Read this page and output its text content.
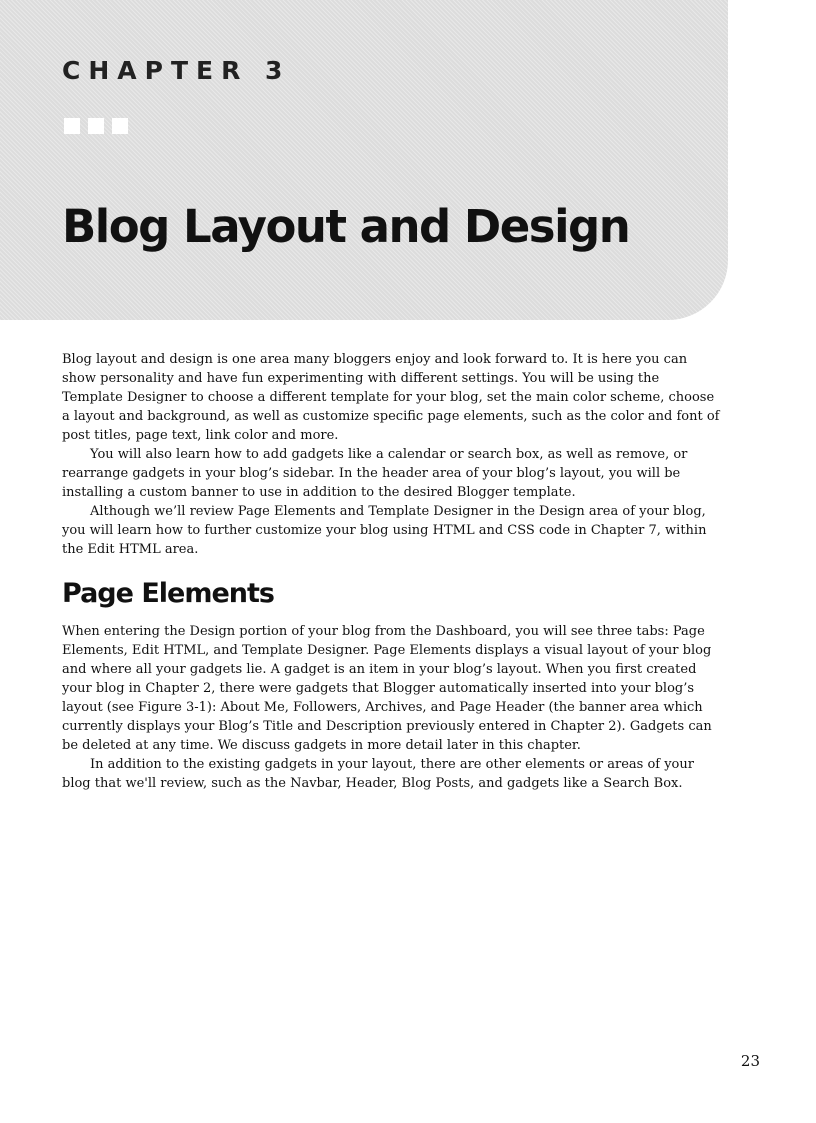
CHAPTER 3
Blog Layout and Design

Blog layout and design is one area many bloggers enjoy and look forward to. It is here you can show personality and have fun experimenting with different settings. You will be using the Template Designer to choose a different template for your blog, set the main color scheme, choose a layout and background, as well as customize specific page elements, such as the color and font of post titles, page text, link color and more.

You will also learn how to add gadgets like a calendar or search box, as well as remove, or rearrange gadgets in your blog’s sidebar. In the header area of your blog’s layout, you will be installing a custom banner to use in addition to the desired Blogger template.

Although we’ll review Page Elements and Template Designer in the Design area of your blog, you will learn how to further customize your blog using HTML and CSS code in Chapter 7, within the Edit HTML area.

Page Elements

When entering the Design portion of your blog from the Dashboard, you will see three tabs: Page Elements, Edit HTML, and Template Designer. Page Elements displays a visual layout of your blog and where all your gadgets lie. A gadget is an item in your blog’s layout. When you first created your blog in Chapter 2, there were gadgets that Blogger automatically inserted into your blog’s layout (see Figure 3-1): About Me, Followers, Archives, and Page Header (the banner area which currently displays your Blog’s Title and Description previously entered in Chapter 2). Gadgets can be deleted at any time. We discuss gadgets in more detail later in this chapter.

In addition to the existing gadgets in your layout, there are other elements or areas of your blog that we'll review, such as the Navbar, Header, Blog Posts, and gadgets like a Search Box.

23
